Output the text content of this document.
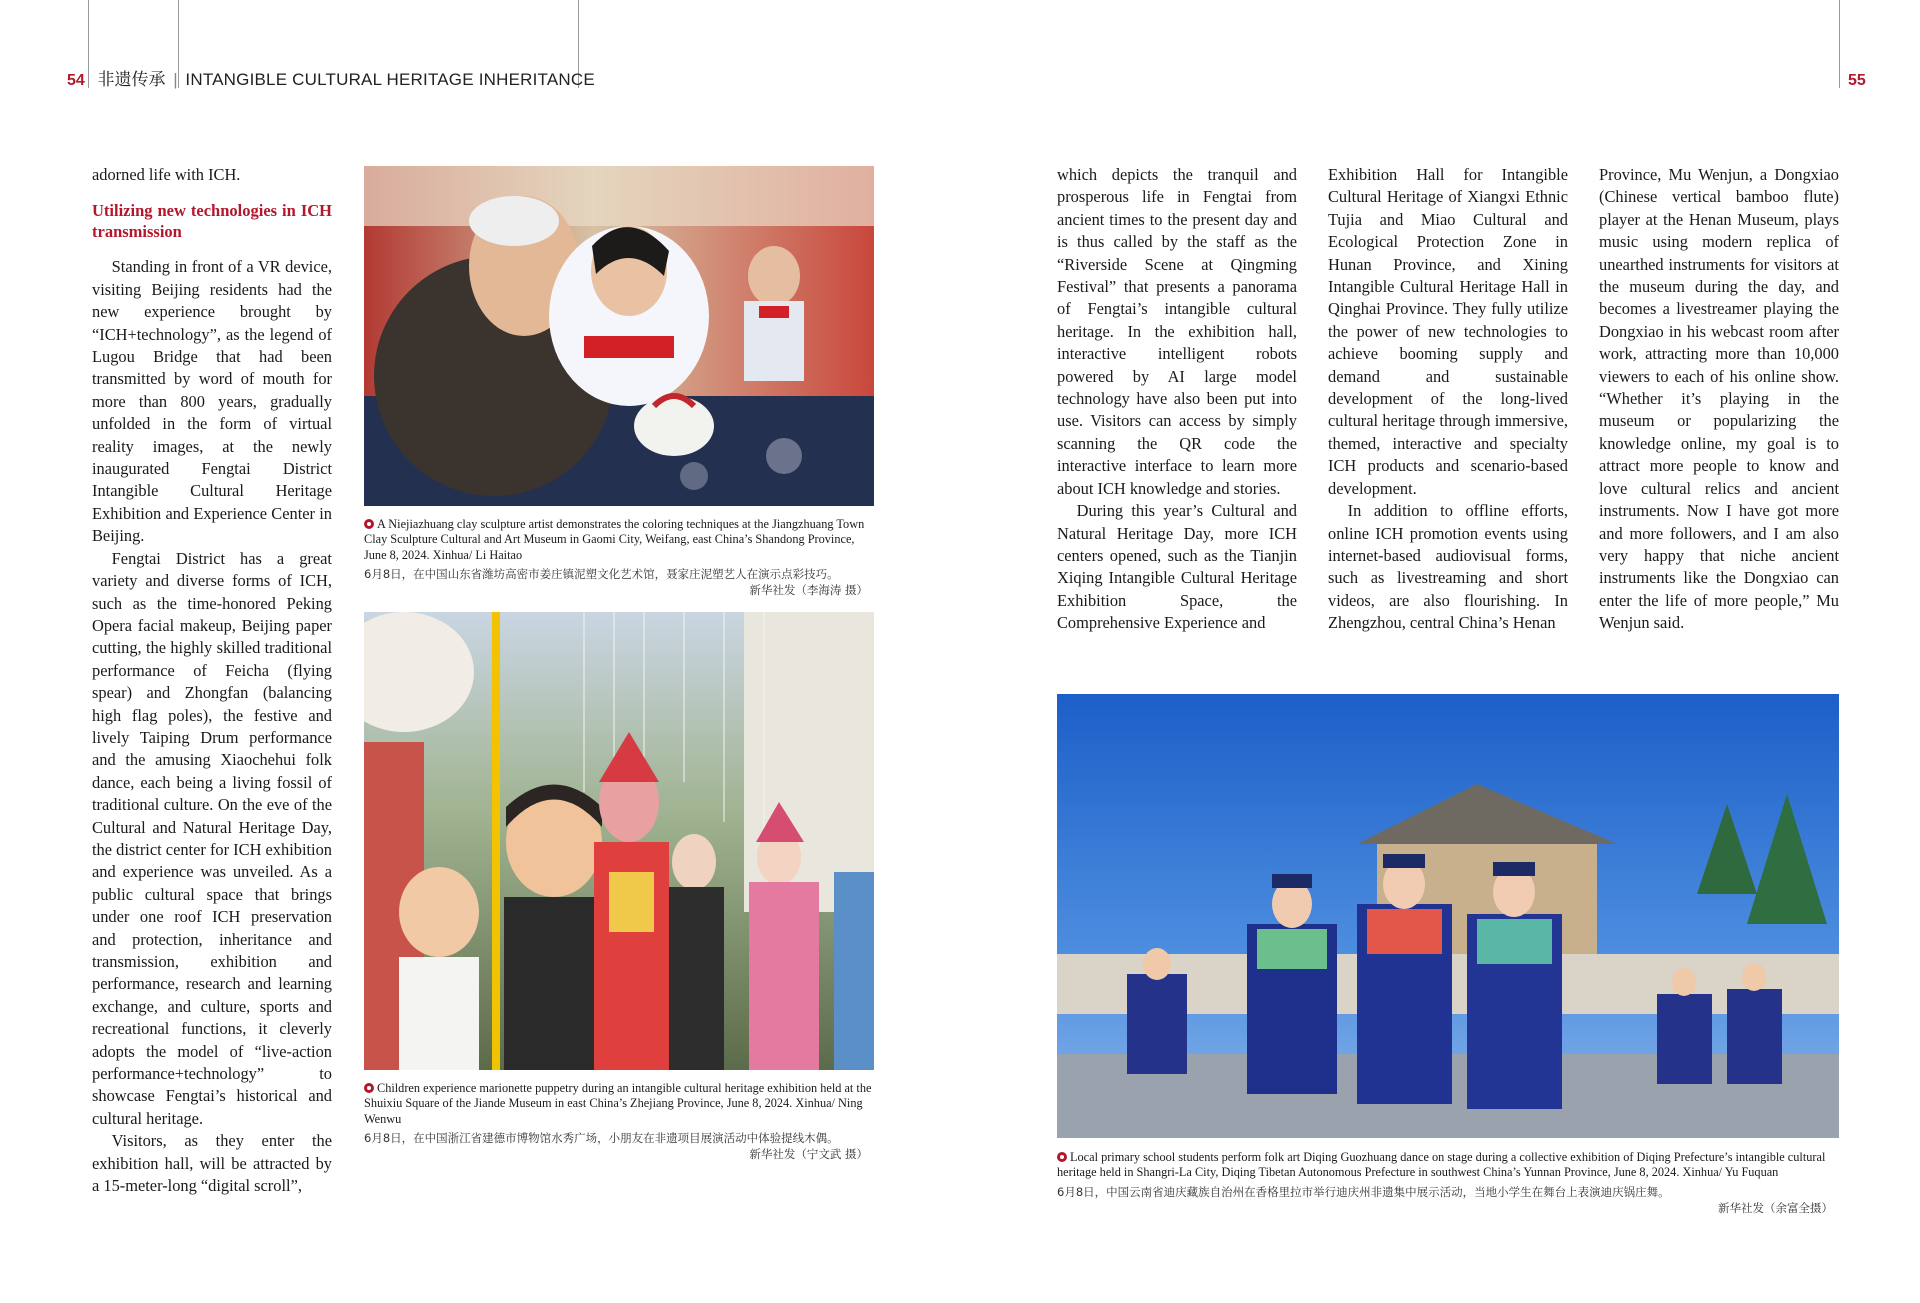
54 非遗传承 | INTANGIBLE CULTURAL HERITAGE INHERITANCE	55

adorned life with ICH.

Utilizing new technologies in ICH transmission

Standing in front of a VR device, visiting Beijing residents had the new experience brought by “ICH+technology”, as the legend of Lugou Bridge that had been transmitted by word of mouth for more than 800 years, gradually unfolded in the form of virtual reality images, at the newly inaugurated Fengtai District Intangible Cultural Heritage Exhibition and Experience Center in Beijing.

Fengtai District has a great variety and diverse forms of ICH, such as the time-honored Peking Opera facial makeup, Beijing paper cutting, the highly skilled traditional performance of Feicha (flying spear) and Zhongfan (balancing high flag poles), the festive and lively Taiping Drum performance and the amusing Xiaochehui folk dance, each being a living fossil of traditional culture. On the eve of the Cultural and Natural Heritage Day, the district center for ICH exhibition and experience was unveiled. As a public cultural space that brings under one roof ICH preservation and protection, inheritance and transmission, exhibition and performance, research and learning exchange, and culture, sports and recreational functions, it cleverly adopts the model of “live-action performance+technology” to showcase Fengtai’s historical and cultural heritage.

Visitors, as they enter the exhibition hall, will be attracted by a 15-meter-long “digital scroll”,

A Niejiazhuang clay sculpture artist demonstrates the coloring techniques at the Jiangzhuang Town Clay Sculpture Cultural and Art Museum in Gaomi City, Weifang, east China’s Shandong Province, June 8, 2024. Xinhua/ Li Haitao
6月8日，在中国山东省潍坊高密市姜庄镇泥塑文化艺术馆，聂家庄泥塑艺人在演示点彩技巧。
新华社发（李海涛 摄）
Children experience marionette puppetry during an intangible cultural heritage exhibition held at the Shuixiu Square of the Jiande Museum in east China’s Zhejiang Province, June 8, 2024. Xinhua/ Ning Wenwu
6月8日，在中国浙江省建德市博物馆水秀广场，小朋友在非遗项目展演活动中体验提线木偶。
新华社发（宁文武 摄）

which depicts the tranquil and prosperous life in Fengtai from ancient times to the present day and is thus called by the staff as the “Riverside Scene at Qingming Festival” that presents a panorama of Fengtai’s intangible cultural heritage. In the exhibition hall, interactive intelligent robots powered by AI large model technology have also been put into use. Visitors can access by simply scanning the QR code the interactive interface to learn more about ICH knowledge and stories.

During this year’s Cultural and Natural Heritage Day, more ICH centers opened, such as the Tianjin Xiqing Intangible Cultural Heritage Exhibition Space, the Comprehensive Experience and

Exhibition Hall for Intangible Cultural Heritage of Xiangxi Ethnic Tujia and Miao Cultural and Ecological Protection Zone in Hunan Province, and Xining Intangible Cultural Heritage Hall in Qinghai Province. They fully utilize the power of new technologies to achieve booming supply and demand and sustainable development of the long-lived cultural heritage through immersive, themed, interactive and specialty ICH products and scenario-based development.

In addition to offline efforts, online ICH promotion events using internet-based audiovisual forms, such as livestreaming and short videos, are also flourishing. In Zhengzhou, central China’s Henan

Province, Mu Wenjun, a Dongxiao (Chinese vertical bamboo flute) player at the Henan Museum, plays music using modern replica of unearthed instruments for visitors at the museum during the day, and becomes a livestreamer playing the Dongxiao in his webcast room after work, attracting more than 10,000 viewers to each of his online show. “Whether it’s playing in the museum or popularizing the knowledge online, my goal is to attract more people to know and love cultural relics and ancient instruments. Now I have got more and more followers, and I am also very happy that niche ancient instruments like the Dongxiao can enter the life of more people,” Mu Wenjun said.

Local primary school students perform folk art Diqing Guozhuang dance on stage during a collective exhibition of Diqing Prefecture’s intangible cultural heritage held in Shangri-La City, Diqing Tibetan Autonomous Prefecture in southwest China’s Yunnan Province, June 8, 2024. Xinhua/ Yu Fuquan
6月8日，中国云南省迪庆藏族自治州在香格里拉市举行迪庆州非遗集中展示活动，当地小学生在舞台上表演迪庆锅庄舞。
新华社发（余富全摄）
